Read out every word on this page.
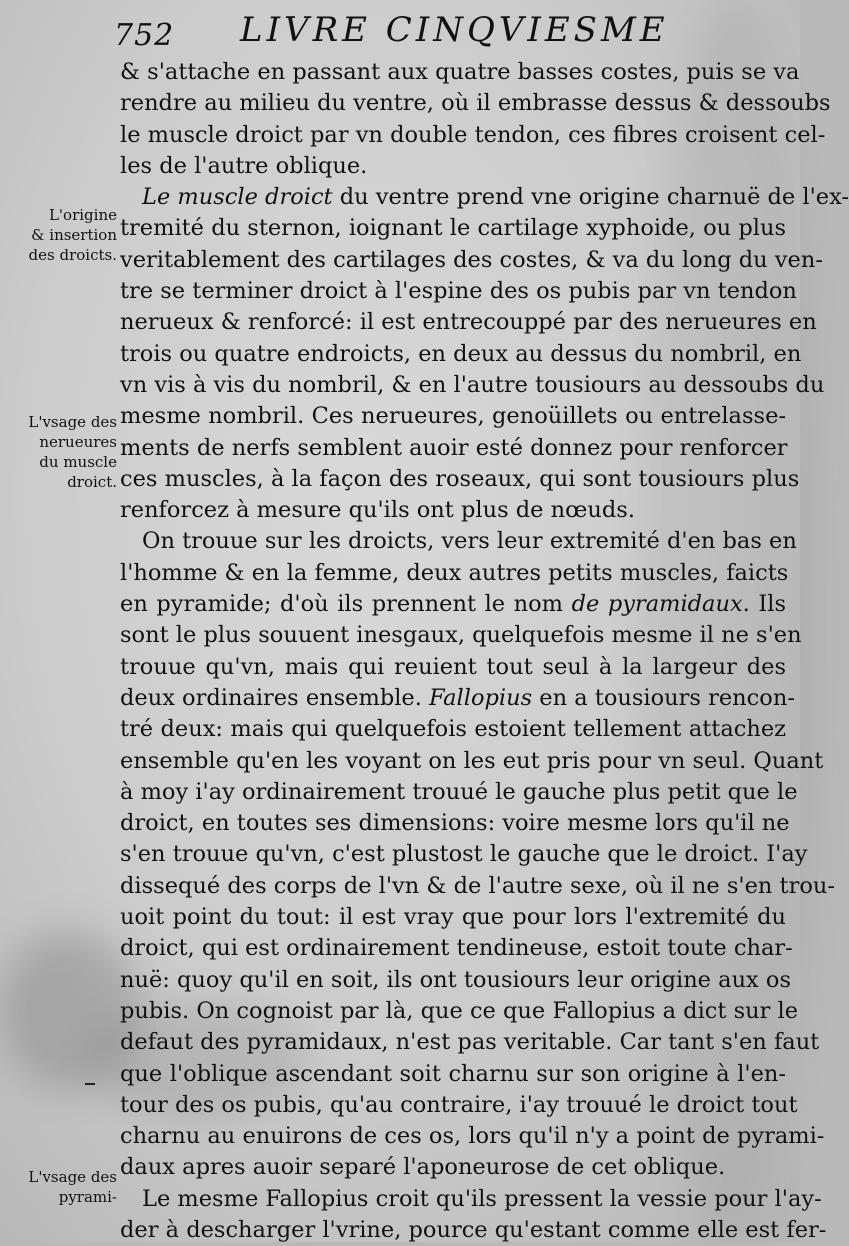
752 LIVRE CINQVIESME
L'origine
& insertion
des droicts.
L'vsage des
nerueures
du muscle
droict.
L'vsage des
pyrami-
& s'attache en passant aux quatre basses costes, puis se va
rendre au milieu du ventre, où il embrasse dessus & dessoubs
le muscle droict par vn double tendon, ces fibres croisent cel-
les de l'autre oblique.
Le muscle droict du ventre prend vne origine charnuë de l'ex-
tremité du sternon, ioignant le cartilage xyphoide, ou plus
veritablement des cartilages des costes, & va du long du ven-
tre se terminer droict à l'espine des os pubis par vn tendon
nerueux & renforcé: il est entrecouppé par des nerueures en
trois ou quatre endroicts, en deux au dessus du nombril, en
vn vis à vis du nombril, & en l'autre tousiours au dessoubs du
mesme nombril. Ces nerueures, genoüillets ou entrelasse-
ments de nerfs semblent auoir esté donnez pour renforcer
ces muscles, à la façon des roseaux, qui sont tousiours plus
renforcez à mesure qu'ils ont plus de nœuds.
On trouue sur les droicts, vers leur extremité d'en bas en
l'homme & en la femme, deux autres petits muscles, faicts
en pyramide; d'où ils prennent le nom de pyramidaux. Ils
sont le plus souuent inesgaux, quelquefois mesme il ne s'en
trouue qu'vn, mais qui reuient tout seul à la largeur des
deux ordinaires ensemble. Fallopius en a tousiours rencon-
tré deux: mais qui quelquefois estoient tellement attachez
ensemble qu'en les voyant on les eut pris pour vn seul. Quant
à moy i'ay ordinairement trouué le gauche plus petit que le
droict, en toutes ses dimensions: voire mesme lors qu'il ne
s'en trouue qu'vn, c'est plustost le gauche que le droict. I'ay
dissequé des corps de l'vn & de l'autre sexe, où il ne s'en trou-
uoit point du tout: il est vray que pour lors l'extremité du
droict, qui est ordinairement tendineuse, estoit toute char-
nuë: quoy qu'il en soit, ils ont tousiours leur origine aux os
pubis. On cognoist par là, que ce que Fallopius a dict sur le
defaut des pyramidaux, n'est pas veritable. Car tant s'en faut
que l'oblique ascendant soit charnu sur son origine à l'en-
tour des os pubis, qu'au contraire, i'ay trouué le droict tout
charnu au enuirons de ces os, lors qu'il n'y a point de pyrami-
daux apres auoir separé l'aponeurose de cet oblique.
Le mesme Fallopius croit qu'ils pressent la vessie pour l'ay-
der à descharger l'vrine, pource qu'estant comme elle est fer-
